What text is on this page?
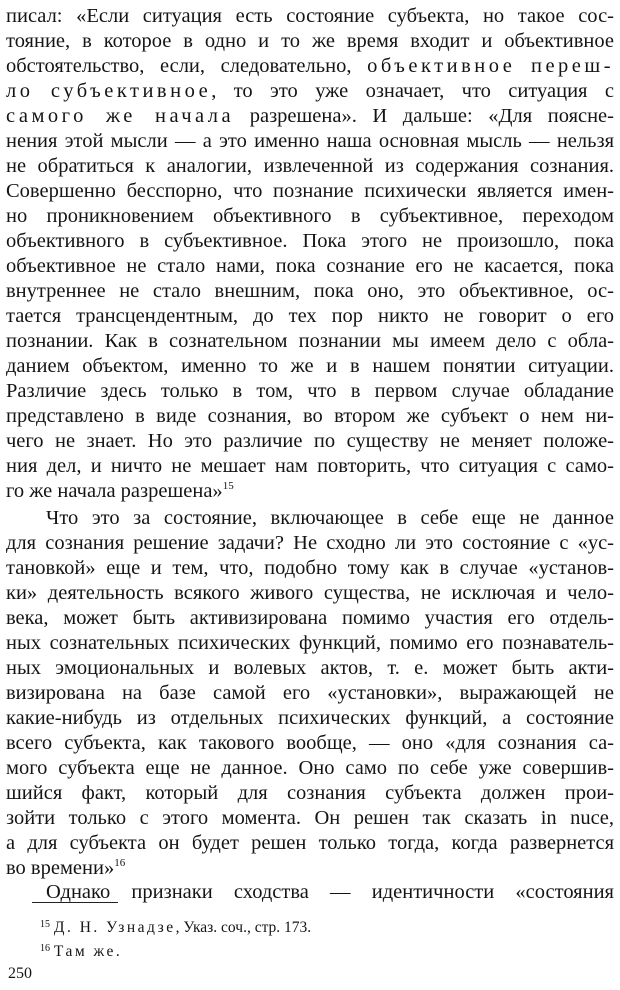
писал: «Если ситуация есть состояние субъекта, но такое сос-
тояние, в которое в одно и то же время входит и объективное
обстоятельство, если, следовательно, объективное переш-
ло субъективное, то это уже означает, что ситуация с
самого же начала разрешена». И дальше: «Для поясне-
нения этой мысли — а это именно наша основная мысль — нельзя
не обратиться к аналогии, извлеченной из содержания сознания.
Совершенно бесспорно, что познание психически является имен-
но проникновением объективного в субъективное, переходом
объективного в субъективное. Пока этого не произошло, пока
объективное не стало нами, пока сознание его не касается, пока
внутреннее не стало внешним, пока оно, это объективное, ос-
тается трансцендентным, до тех пор никто не говорит о его
познании. Как в сознательном познании мы имеем дело с обла-
данием объектом, именно то же и в нашем понятии ситуации.
Различие здесь только в том, что в первом случае обладание
представлено в виде сознания, во втором же субъект о нем ни-
чего не знает. Но это различие по существу не меняет положе-
ния дел, и ничто не мешает нам повторить, что ситуация с само-
го же начала разрешена»$^{15}$
Что это за состояние, включающее в себе еще не данное
для сознания решение задачи? Не сходно ли это состояние с «ус-
тановкой» еще и тем, что, подобно тому как в случае «установ-
ки» деятельность всякого живого существа, не исключая и чело-
века, может быть активизирована помимо участия его отдель-
ных сознательных психических функций, помимо его познаватель-
ных эмоциональных и волевых актов, т. е. может быть акти-
визирована на базе самой его «установки», выражающей не
какие-нибудь из отдельных психических функций, а состояние
всего субъекта, как такового вообще, — оно «для сознания са-
мого субъекта еще не данное. Оно само по себе уже совершив-
шийся факт, который для сознания субъекта должен прои-
зойти только с этого момента. Он решен так сказать in nuce,
а для субъекта он будет решен только тогда, когда развернется
во времени»$^{16}$
Однако признаки сходства — идентичности «состояния
$^{15}$ Д. Н. Узнадзе, Указ. соч., стр. 173.
$^{16}$ Там же.
250
